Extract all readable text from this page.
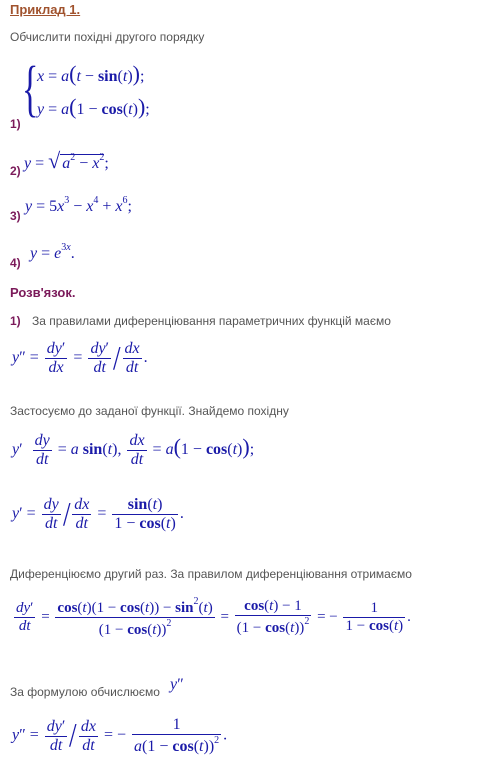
Приклад 1.
Обчислити похідні другого порядку
{
x = a(t − sin(t));
y = a(1 − cos(t));
1)
2) y = √ $a^2 - x^2$;
3)
$y = 5x^3 - x^4 + x^6$;
4)
$y = e^{3x}$.
Розв'язок.
1) За правилами диференціювання параметричних функцій маємо
$y'' = \frac{dy'}{dx} = \frac{dy'}{dt} / \frac{dx}{dt}$ .
Застосуємо до заданої функції. Знайдемо похідну
$y' \frac{dy}{dt} = a$ sin(t), $\frac{dx}{dt} = a(1 - \cos(t))$;
$y' = \frac{dy}{dt} / \frac{dx}{dt} = \frac{\sin(t)}{1 - \cos(t)}$ .
Диференціюємо другий раз. За правилом диференціювання отримаємо
$\frac{dy'}{dt} = \frac{\cos(t)(1 - \cos(t)) - \sin^2(t)}{(1 - \cos(t))^2} = \frac{\cos(t) - 1}{(1 - \cos(t))^2}$ = − $\frac{1}{1 - \cos(t)}$ .
За формулою обчислюємо y″
$y'' = \frac{dy'}{dt} / \frac{dx}{dt}$ = − $\frac{1}{a(1 - \cos(t))^2}$ .
